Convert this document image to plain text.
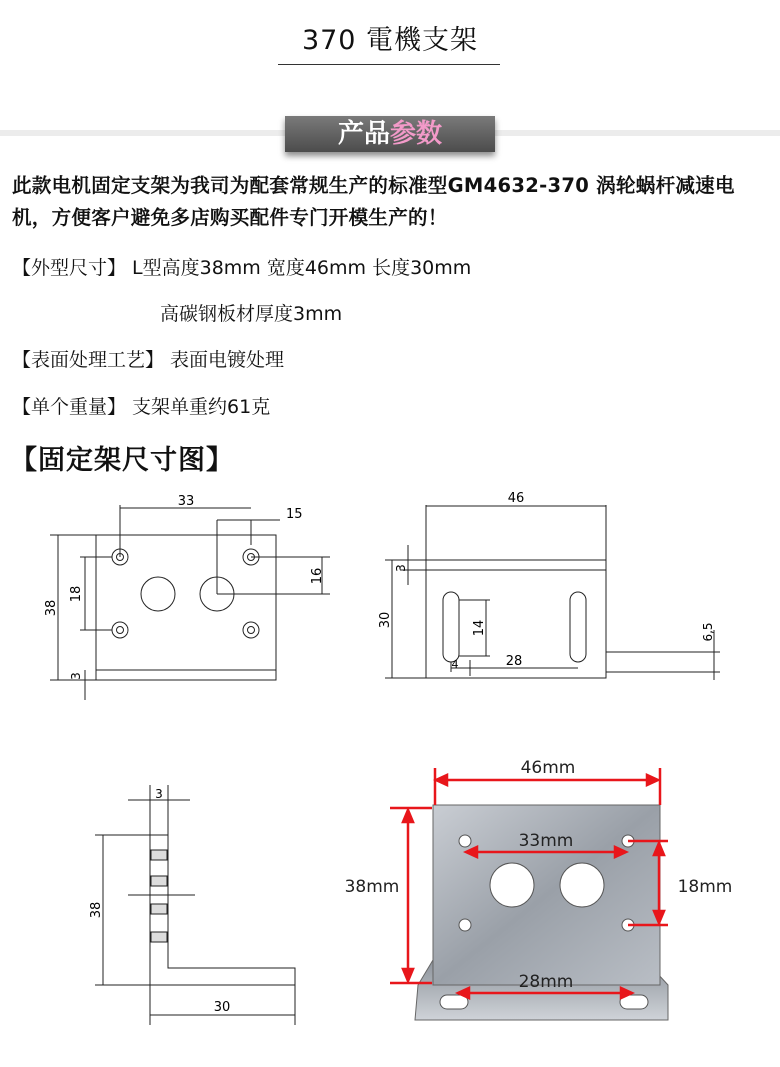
370 電機支架
产品参数
此款电机固定支架为我司为配套常规生产的标准型GM4632-370 涡轮蜗杆减速电机，方便客户避免多店购买配件专门开模生产的！
【外型尺寸】 L型高度38mm 宽度46mm 长度30mm
高碳钢板材厚度3mm
【表面处理工艺】 表面电镀处理
【单个重量】 支架单重约61克
【固定架尺寸图】
33
15
16
38
18
3
46
3
30	14
28
4
6,5
3
38
30
46mm
33mm
38mm	18mm
28mm
